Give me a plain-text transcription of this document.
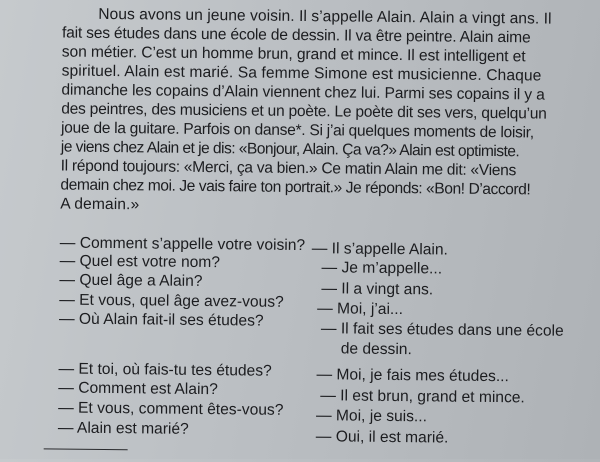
Nous avons un jeune voisin. Il s’appelle Alain. Alain a vingt ans. Il

fait ses études dans une école de dessin. Il va être peintre. Alain aime

son métier. C’est un homme brun, grand et mince. Il est intelligent et

spirituel. Alain est marié. Sa femme Simone est musicienne. Chaque

dimanche les copains d’Alain viennent chez lui. Parmi ses copains il y a

des peintres, des musiciens et un poète. Le poète dit ses vers, quelqu’un

joue de la guitare. Parfois on danse*. Si j’ai quelques moments de loisir,

je viens chez Alain et je dis: «Bonjour, Alain. Ça va?» Alain est optimiste.

Il répond toujours: «Merci, ça va bien.» Ce matin Alain me dit: «Viens

demain chez moi. Je vais faire ton portrait.» Je réponds: «Bon! D’accord!

A demain.»

— Comment s’appelle votre voisin? — Il s’appelle Alain.

— Quel est votre nom?	— Je m’appelle...

— Quel âge a Alain?	— Il a vingt ans.

— Et vous, quel âge avez-vous? — Moi, j’ai...

— Où Alain fait-il ses études?

— Il fait ses études dans une école

de dessin.

— Et toi, où fais-tu tes études?	— Moi, je fais mes études...

— Comment est Alain?	— Il est brun, grand et mince.

— Et vous, comment êtes-vous? — Moi, je suis...

— Alain est marié?	— Oui, il est marié.
